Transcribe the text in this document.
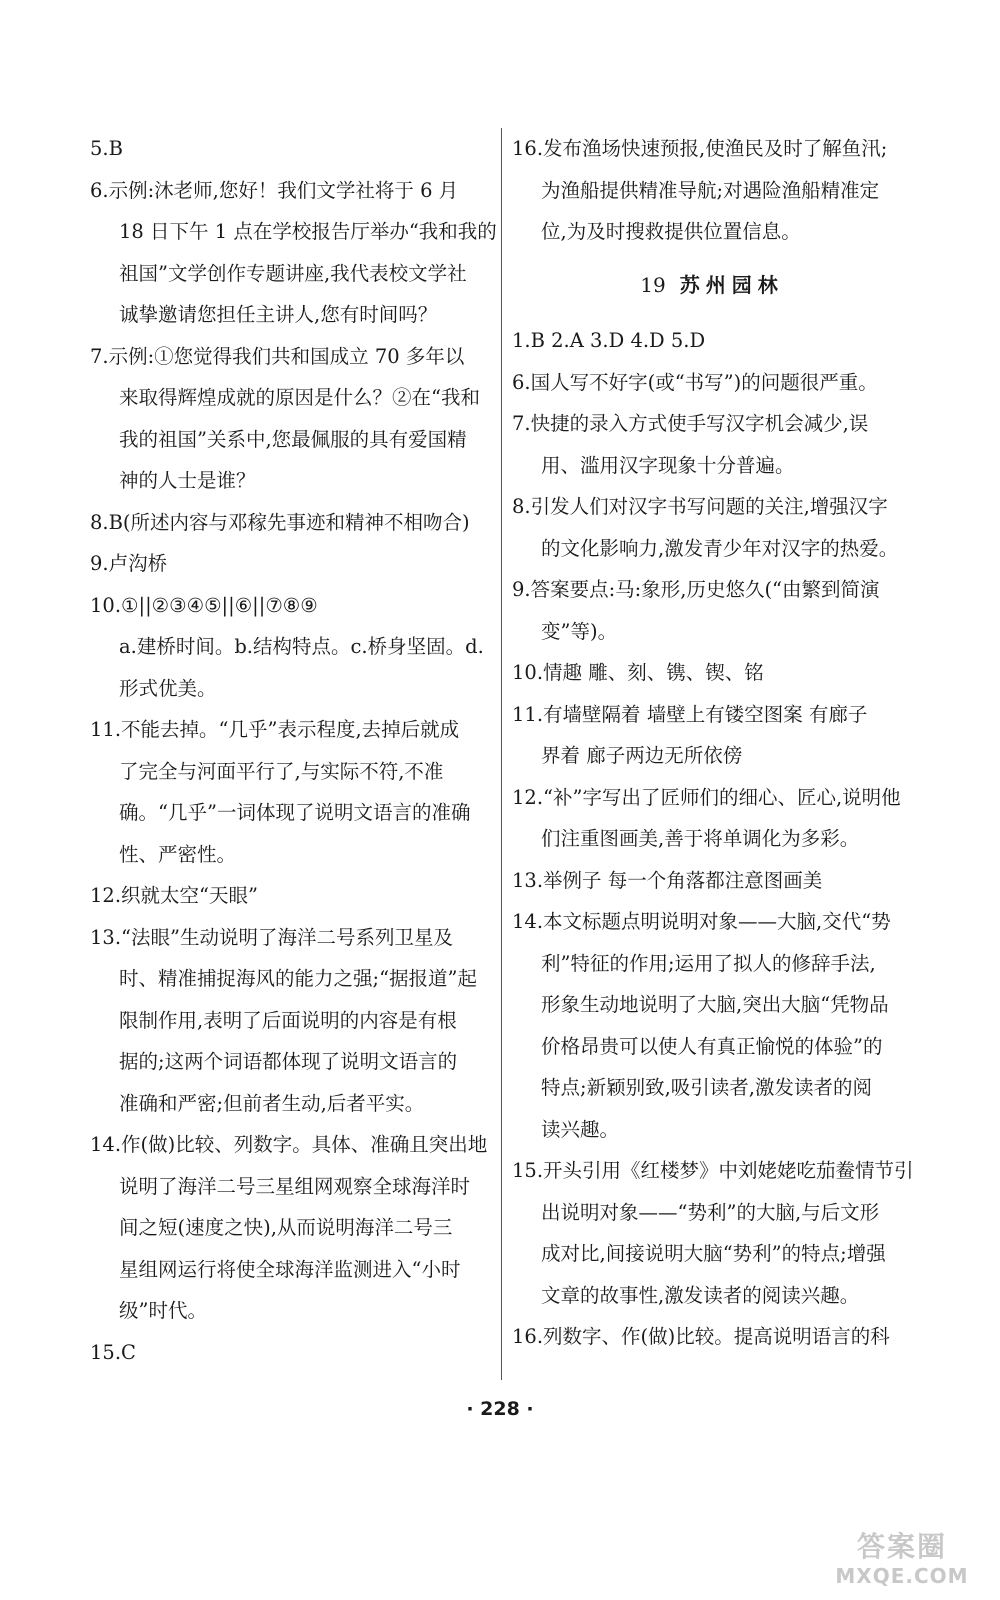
5.B
6.示例:沐老师,您好！我们文学社将于 6 月
18 日下午 1 点在学校报告厅举办“我和我的
祖国”文学创作专题讲座,我代表校文学社
诚挚邀请您担任主讲人,您有时间吗？
7.示例:①您觉得我们共和国成立 70 多年以
来取得辉煌成就的原因是什么？②在“我和
我的祖国”关系中,您最佩服的具有爱国精
神的人士是谁？
8.B(所述内容与邓稼先事迹和精神不相吻合)
9.卢沟桥
10.①||②③④⑤||⑥||⑦⑧⑨
a.建桥时间。b.结构特点。c.桥身坚固。d.
形式优美。
11.不能去掉。“几乎”表示程度,去掉后就成
了完全与河面平行了,与实际不符,不准
确。“几乎”一词体现了说明文语言的准确
性、严密性。
12.织就太空“天眼”
13.“法眼”生动说明了海洋二号系列卫星及
时、精准捕捉海风的能力之强;“据报道”起
限制作用,表明了后面说明的内容是有根
据的;这两个词语都体现了说明文语言的
准确和严密;但前者生动,后者平实。
14.作(做)比较、列数字。具体、准确且突出地
说明了海洋二号三星组网观察全球海洋时
间之短(速度之快),从而说明海洋二号三
星组网运行将使全球海洋监测进入“小时
级”时代。
15.C
16.发布渔场快速预报,使渔民及时了解鱼汛;
为渔船提供精准导航;对遇险渔船精准定
位,为及时搜救提供位置信息。
19 苏州园林
1.B 2.A 3.D 4.D 5.D
6.国人写不好字(或“书写”)的问题很严重。
7.快捷的录入方式使手写汉字机会减少,误
用、滥用汉字现象十分普遍。
8.引发人们对汉字书写问题的关注,增强汉字
的文化影响力,激发青少年对汉字的热爱。
9.答案要点:马:象形,历史悠久(“由繁到简演
变”等)。
10.情趣 雕、刻、镌、锲、铭
11.有墙壁隔着 墙壁上有镂空图案 有廊子
界着 廊子两边无所依傍
12.“补”字写出了匠师们的细心、匠心,说明他
们注重图画美,善于将单调化为多彩。
13.举例子 每一个角落都注意图画美
14.本文标题点明说明对象——大脑,交代“势
利”特征的作用;运用了拟人的修辞手法,
形象生动地说明了大脑,突出大脑“凭物品
价格昂贵可以使人有真正愉悦的体验”的
特点;新颖别致,吸引读者,激发读者的阅
读兴趣。
15.开头引用《红楼梦》中刘姥姥吃茄鲞情节引
出说明对象——“势利”的大脑,与后文形
成对比,间接说明大脑“势利”的特点;增强
文章的故事性,激发读者的阅读兴趣。
16.列数字、作(做)比较。提高说明语言的科
· 228 ·
答案圈
MXQE.COM
